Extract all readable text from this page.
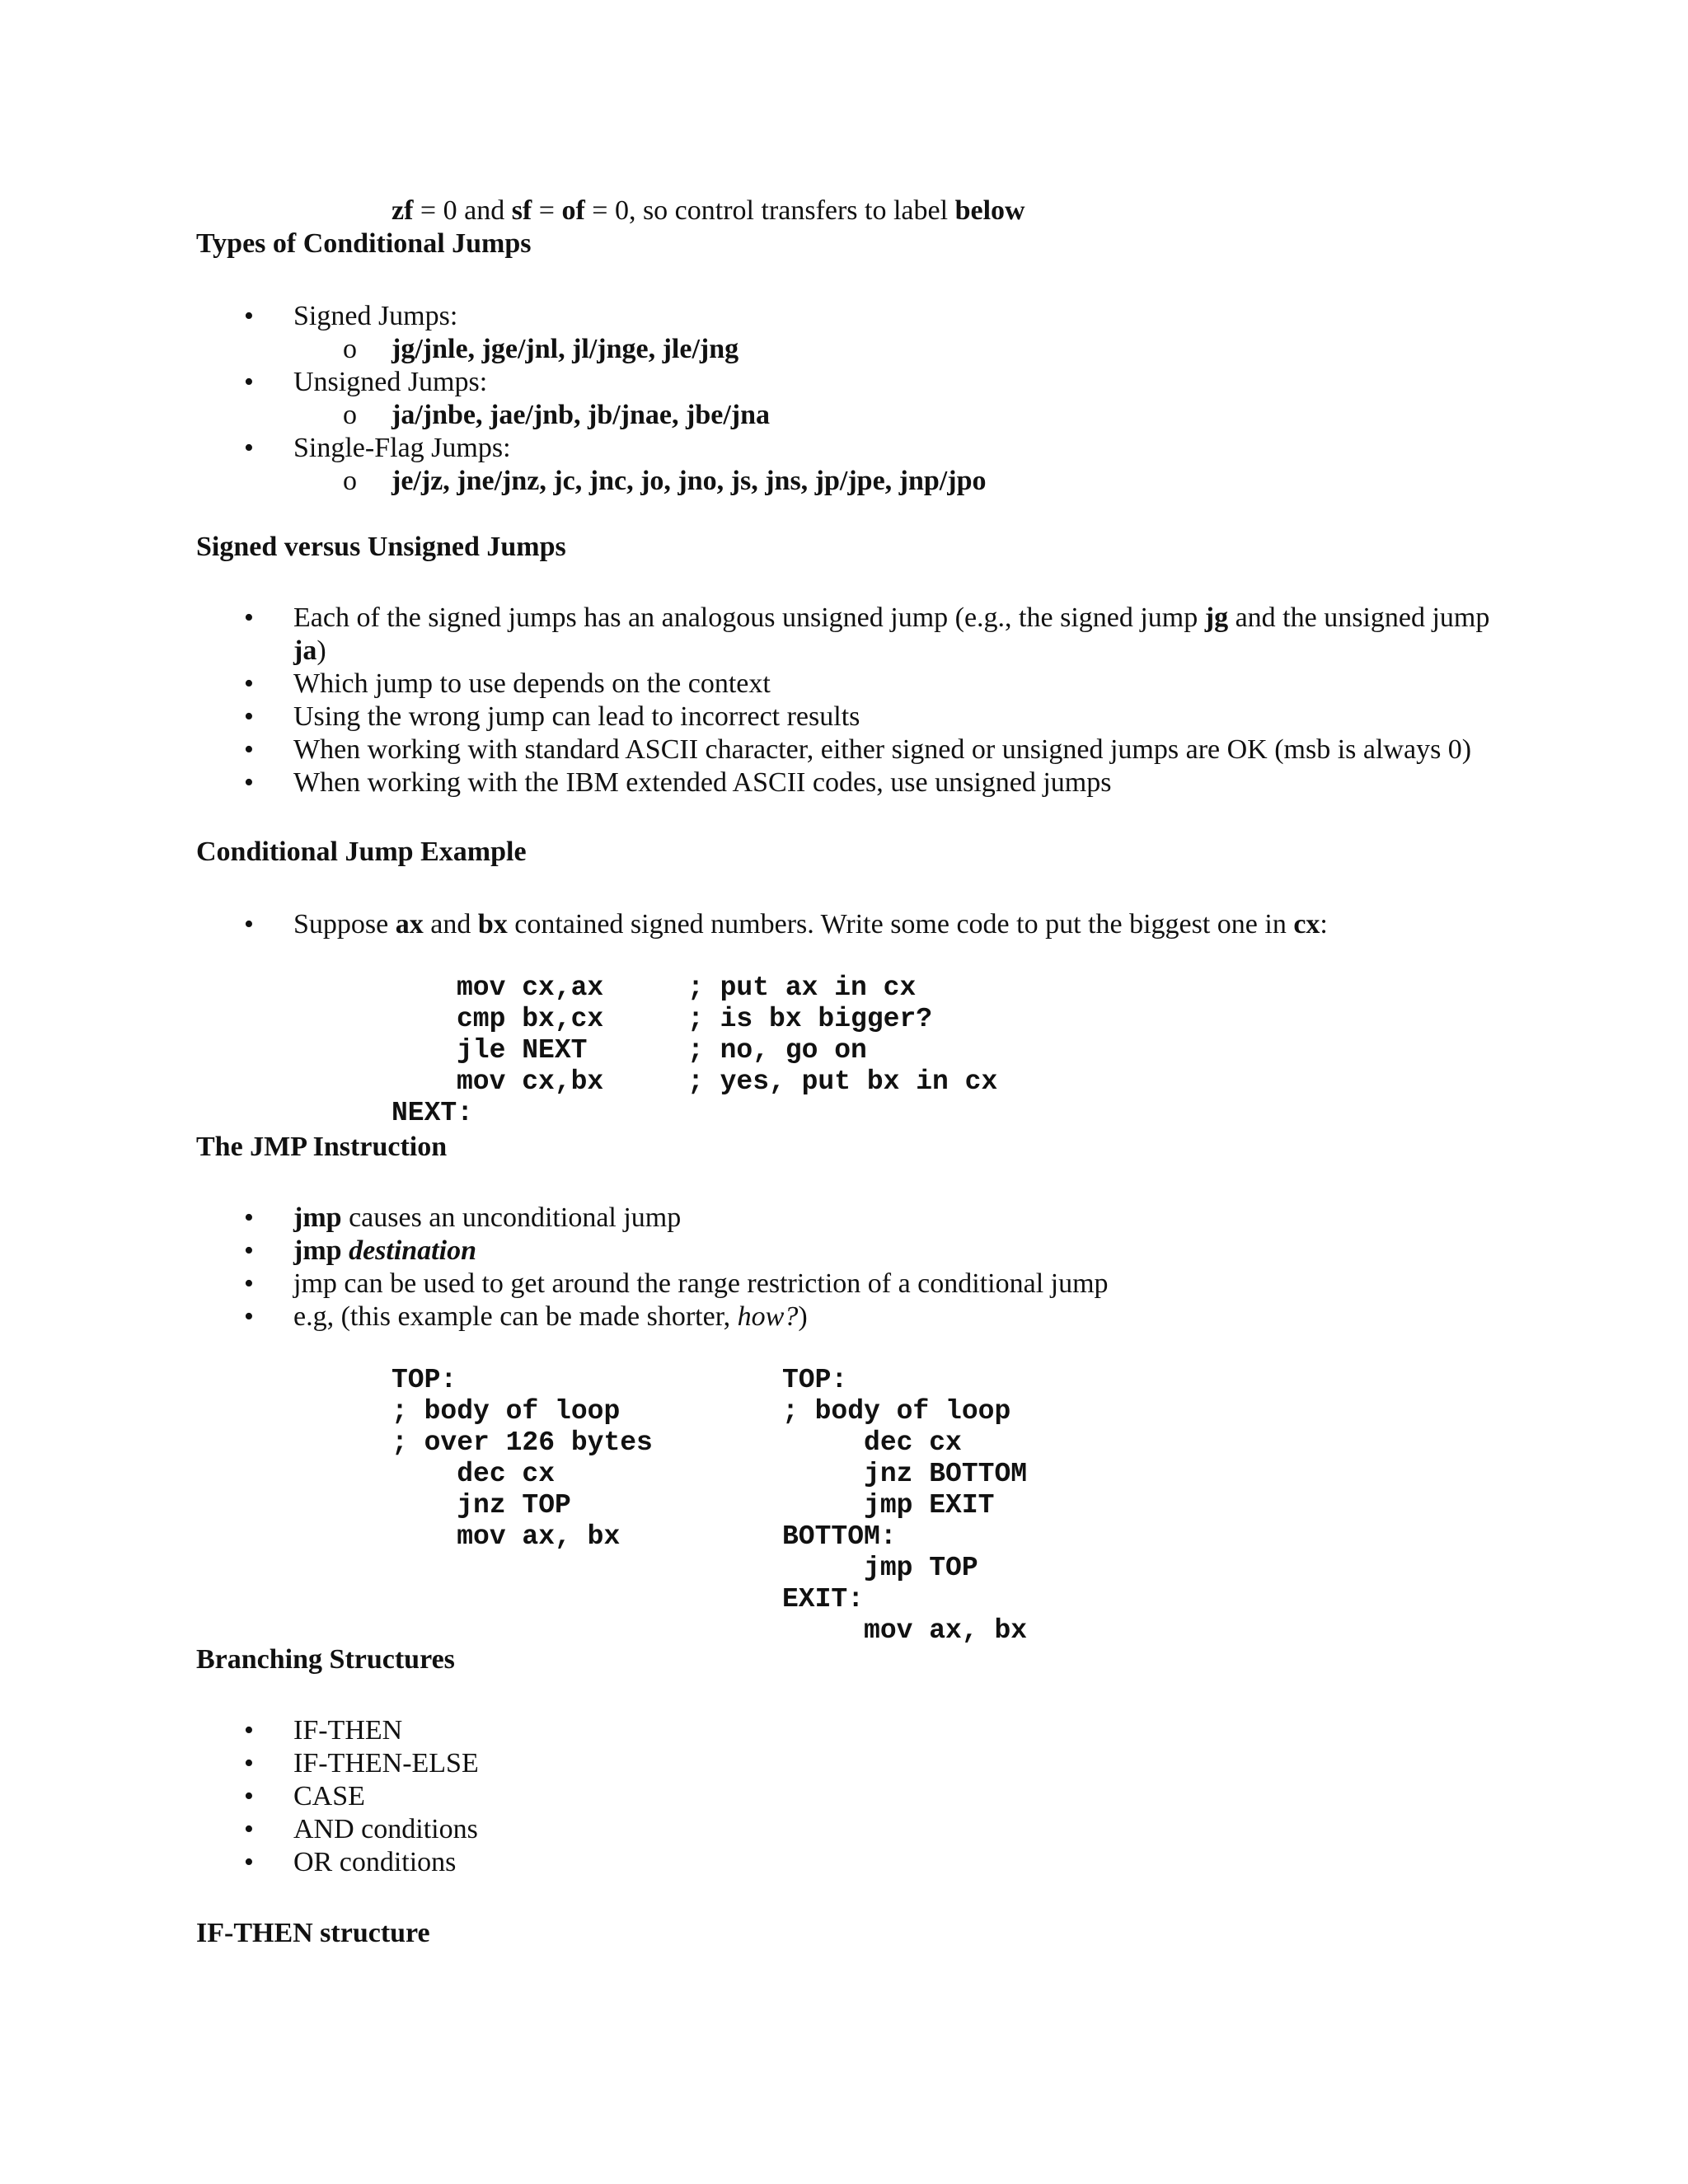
zf = 0 and sf = of = 0, so control transfers to label below
Types of Conditional Jumps
• Signed Jumps:
o jg/jnle, jge/jnl, jl/jnge, jle/jng
• Unsigned Jumps:
o ja/jnbe, jae/jnb, jb/jnae, jbe/jna
• Single-Flag Jumps:
o je/jz, jne/jnz, jc, jnc, jo, jno, js, jns, jp/jpe, jnp/jpo
Signed versus Unsigned Jumps
• Each of the signed jumps has an analogous unsigned jump (e.g., the signed jump jg and the unsigned jump
ja)
• Which jump to use depends on the context
• Using the wrong jump can lead to incorrect results
• When working with standard ASCII character, either signed or unsigned jumps are OK (msb is always 0)
• When working with the IBM extended ASCII codes, use unsigned jumps
Conditional Jump Example
• Suppose ax and bx contained signed numbers. Write some code to put the biggest one in cx:
mov cx,ax	; put ax in cx
cmp bx,cx	; is bx bigger?
jle NEXT	; no, go on
mov cx,bx	; yes, put bx in cx
NEXT:
The JMP Instruction
• jmp causes an unconditional jump
• jmp destination
• jmp can be used to get around the range restriction of a conditional jump
• e.g, (this example can be made shorter, how?)
TOP:
; body of loop
; over 126 bytes
dec cx
jnz TOP
mov ax, bx
TOP:
; body of loop
dec cx
jnz BOTTOM
jmp EXIT
BOTTOM:
jmp TOP
EXIT:
mov ax, bx
Branching Structures
• IF-THEN
• IF-THEN-ELSE
• CASE
• AND conditions
• OR conditions
IF-THEN structure
